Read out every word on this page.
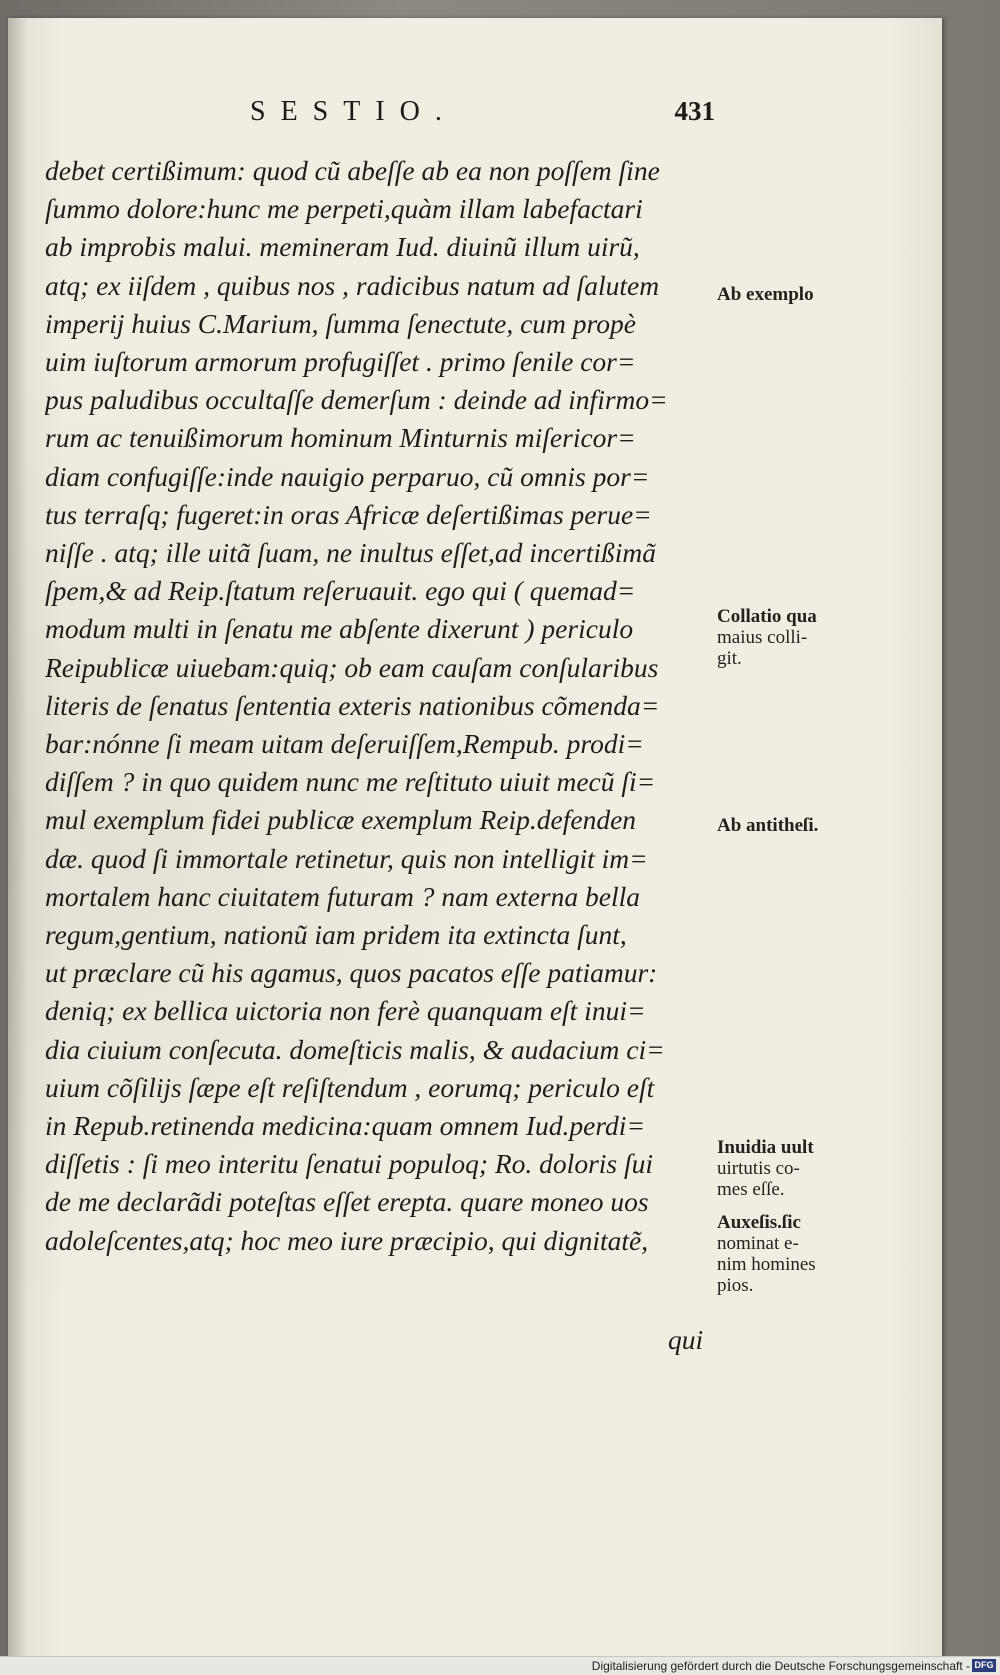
SESTIO.	431
debet certißimum: quod cũ abeſſe ab ea non poſſem ſine
ſummo dolore:hunc me perpeti,quàm illam labefactari
ab improbis malui. memineram Iud. diuinũ illum uirũ,
atq; ex iiſdem , quibus nos , radicibus natum ad ſalutem
imperij huius C.Marium, ſumma ſenectute, cum propè
uim iuſtorum armorum profugiſſet . primo ſenile cor=
pus paludibus occultaſſe demerſum : deinde ad infirmo=
rum ac tenuißimorum hominum Minturnis miſericor=
diam confugiſſe:inde nauigio perparuo, cũ omnis por=
tus terraſq; fugeret:in oras Africæ deſertißimas perue=
niſſe . atq; ille uitã ſuam, ne inultus eſſet,ad incertißimã
ſpem,& ad Reip.ſtatum reſeruauit. ego qui ( quemad=
modum multi in ſenatu me abſente dixerunt ) periculo
Reipublicæ uiuebam:quiq; ob eam cauſam conſularibus
literis de ſenatus ſententia exteris nationibus cõmenda=
bar:nónne ſi meam uitam deſeruiſſem,Rempub. prodi=
diſſem ? in quo quidem nunc me reſtituto uiuit mecũ ſi=
mul exemplum fidei publicæ exemplum Reip.defenden
dæ. quod ſi immortale retinetur, quis non intelligit im=
mortalem hanc ciuitatem futuram ? nam externa bella
regum,gentium, nationũ iam pridem ita extincta ſunt,
ut præclare cũ his agamus, quos pacatos eſſe patiamur:
deniq; ex bellica uictoria non ferè quanquam eſt inui=
dia ciuium conſecuta. domeſticis malis, & audacium ci=
uium cõſilijs ſæpe eſt reſiſtendum , eorumq; periculo eſt
in Repub.retinenda medicina:quam omnem Iud.perdi=
diſſetis : ſi meo interitu ſenatui populoq; Ro. doloris ſui
de me declarãdi poteſtas eſſet erepta. quare moneo uos
adoleſcentes,atq; hoc meo iure præcipio, qui dignitatẽ,
qui
Ab exemplo
Collatio qua
maius colli-
git.
Ab antitheſi.
Inuidia uult
uirtutis co-
mes eſſe.
Auxeſis.ſic
nominat e-
nim homines
pios.
Digitalisierung gefördert durch die Deutsche Forschungsgemeinschaft - DFG
